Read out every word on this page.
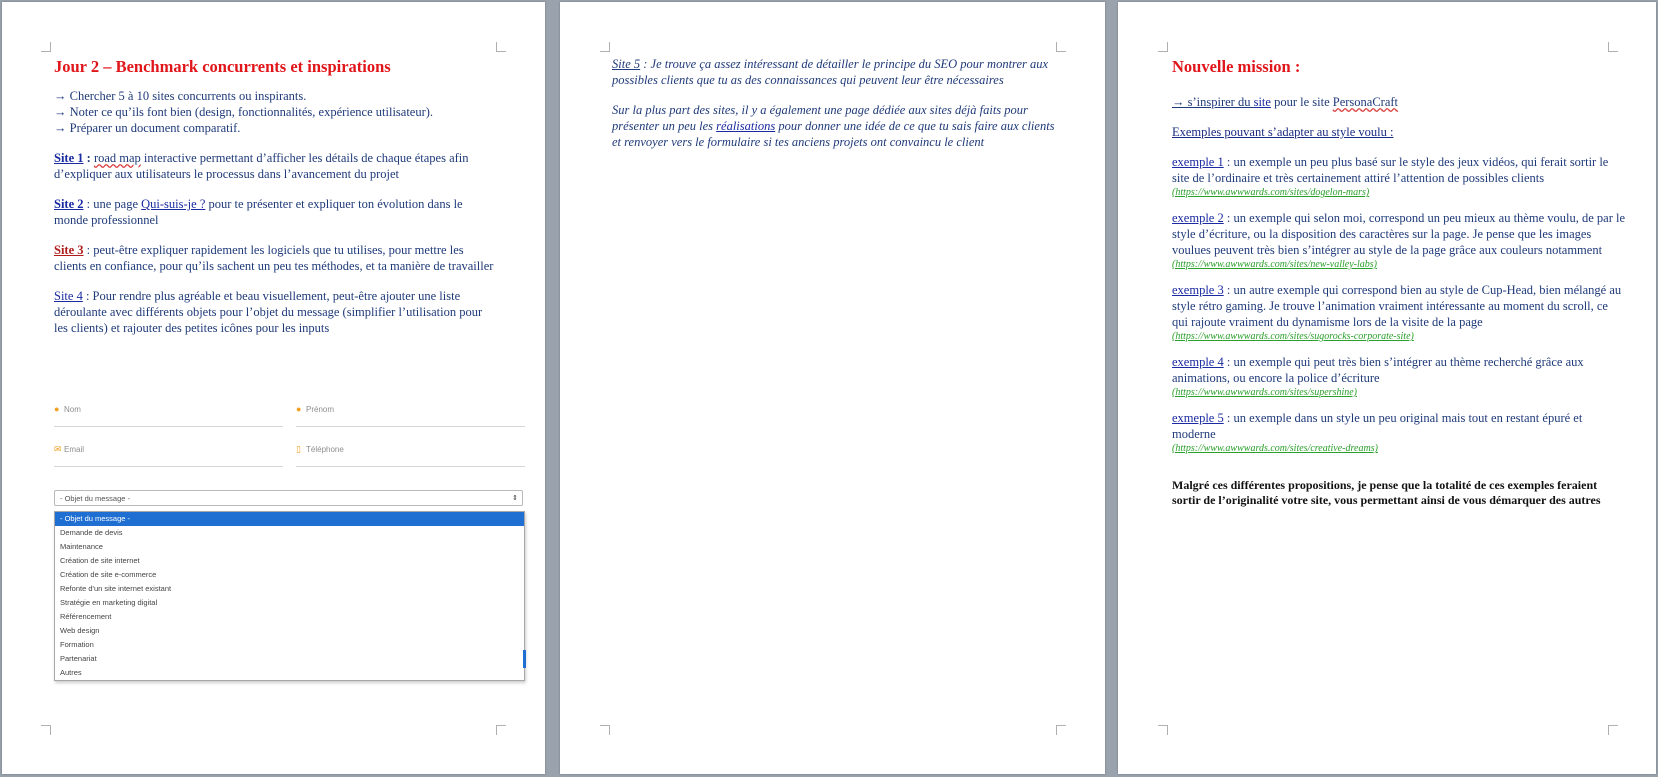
Jour 2 – Benchmark concurrents et inspirations

→ Chercher 5 à 10 sites concurrents ou inspirants.

→ Noter ce qu’ils font bien (design, fonctionnalités, expérience utilisateur).

→ Préparer un document comparatif.

Site 1 : road map interactive permettant d’afficher les détails de chaque étapes afin d’expliquer aux utilisateurs le processus dans l’avancement du projet

Site 2 : une page Qui-suis-je ? pour te présenter et expliquer ton évolution dans le monde professionnel

Site 3 : peut-être expliquer rapidement les logiciels que tu utilises, pour mettre les clients en confiance, pour qu’ils sachent un peu tes méthodes, et ta manière de travailler

Site 4 : Pour rendre plus agréable et beau visuellement, peut-être ajouter une liste déroulante avec différents objets pour l’objet du message (simplifier l’utilisation pour les clients) et rajouter des petites icônes pour les inputs

● Nom	● Prénom
✉ Email	▯ Téléphone
- Objet du message -	⇕
- Objet du message -
Demande de devis
Maintenance
Création de site internet
Création de site e-commerce
Refonte d'un site internet existant
Stratégie en marketing digital
Référencement
Web design
Formation
Partenariat
Autres

Site 5 : Je trouve ça assez intéressant de détailler le principe du SEO pour montrer aux possibles clients que tu as des connaissances qui peuvent leur être nécessaires

Sur la plus part des sites, il y a également une page dédiée aux sites déjà faits pour présenter un peu les réalisations pour donner une idée de ce que tu sais faire aux clients et renvoyer vers le formulaire si tes anciens projets ont convaincu le client

Nouvelle mission :

→ s’inspirer du site pour le site PersonaCraft

Exemples pouvant s’adapter au style voulu :

exemple 1 : un exemple un peu plus basé sur le style des jeux vidéos, qui ferait sortir le site de l’ordinaire et très certainement attiré l’attention de possibles clients

(https://www.awwwards.com/sites/dogelon-mars)

exemple 2 : un exemple qui selon moi, correspond un peu mieux au thème voulu, de par le style d’écriture, ou la disposition des caractères sur la page. Je pense que les images voulues peuvent très bien s’intégrer au style de la page grâce aux couleurs notamment

(https://www.awwwards.com/sites/new-valley-labs)

exemple 3 : un autre exemple qui correspond bien au style de Cup-Head, bien mélangé au style rétro gaming. Je trouve l’animation vraiment intéressante au moment du scroll, ce qui rajoute vraiment du dynamisme lors de la visite de la page

(https://www.awwwards.com/sites/sugorocks-corporate-site)

exemple 4 : un exemple qui peut très bien s’intégrer au thème recherché grâce aux animations, ou encore la police d’écriture

(https://www.awwwards.com/sites/supershine)

exmeple 5 : un exemple dans un style un peu original mais tout en restant épuré et moderne

(https://www.awwwards.com/sites/creative-dreams)

Malgré ces différentes propositions, je pense que la totalité de ces exemples feraient sortir de l’originalité votre site, vous permettant ainsi de vous démarquer des autres
